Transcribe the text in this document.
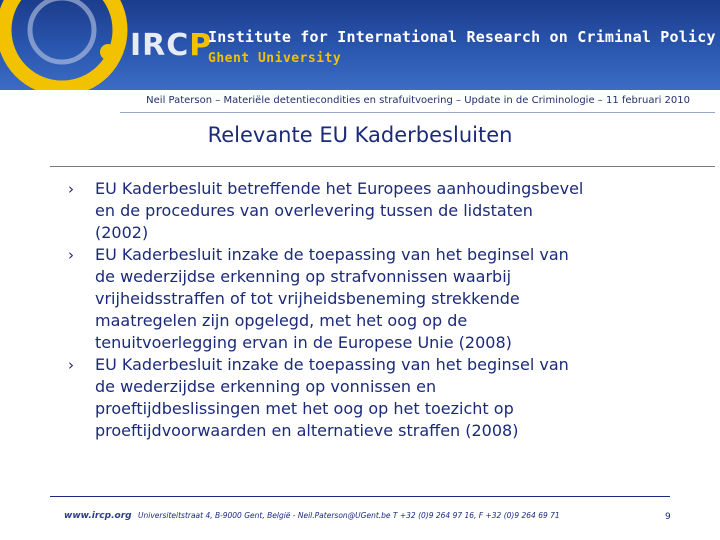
IRCP
Institute for International Research on Criminal Policy
Ghent University
Neil Paterson – Materiële detentiecondities en strafuitvoering – Update in de Criminologie – 11 februari 2010
Relevante EU Kaderbesluiten
› EU Kaderbesluit betreffende het Europees aanhoudingsbevel
en de procedures van overlevering tussen de lidstaten
(2002)
› EU Kaderbesluit inzake de toepassing van het beginsel van
de wederzijdse erkenning op strafvonnissen waarbij
vrijheidsstraffen of tot vrijheidsbeneming strekkende
maatregelen zijn opgelegd, met het oog op de
tenuitvoerlegging ervan in de Europese Unie (2008)
› EU Kaderbesluit inzake de toepassing van het beginsel van
de wederzijdse erkenning op vonnissen en
proeftijdbeslissingen met het oog op het toezicht op
proeftijdvoorwaarden en alternatieve straffen (2008)
www.ircp.org Universiteitstraat 4, B-9000 Gent, België - Neil.Paterson@UGent.be T +32 (0)9 264 97 16, F +32 (0)9 264 69 71	9
